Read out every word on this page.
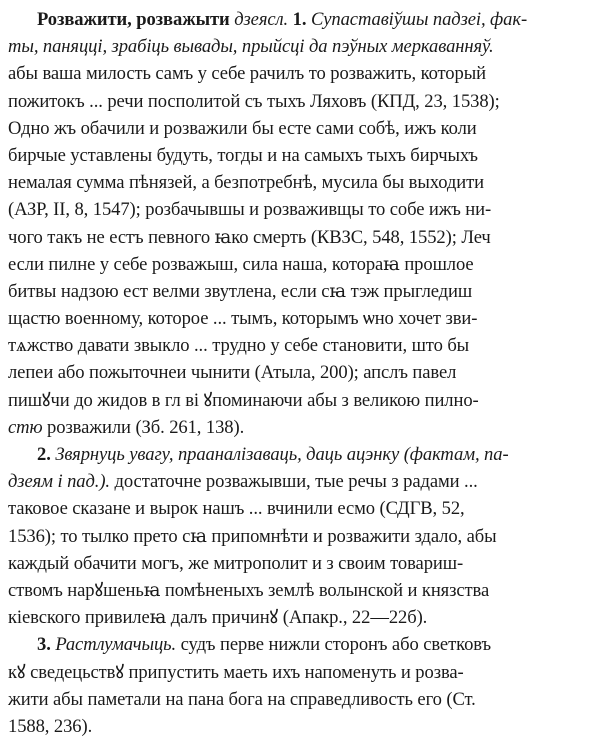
Розважити, розважыти дзеясл. 1. Супаставіўшы падзеі, фак-
ты, паняцці, зрабіць вывады, прыйсці да пэўных меркаванняў.
абы ваша милость самъ у себе рачилъ то розважить, который
пожитокъ ... речи посполитой съ тыхъ Ляховъ (КПД, 23, 1538);
Одно жъ обачили и розважили бы есте сами собѣ, ижъ коли
бирчые уставлены будуть, тогды и на самыхъ тыхъ бирчыхъ
немалая сумма пѣнязей, а безпотребнѣ, мусила бы выходити
(АЗР, II, 8, 1547); розбачывшы и розваживщы то собе ижъ ни-
чого такъ не естъ певного ꙗко смерть (КВЗС, 548, 1552); Леч
если пилне у себе розважыш, сила наша, котораꙗ прошлое
битвы надзою ест велми звутлена, если сꙗ тэж прыгледиш
щастю военному, которое ... тымъ, которымъ ѡно хочет зви-
тѧжство давати звыкло ... трудно у себе становити, што бы
лепеи або пожыточнеи чынити (Атыла, 200); апслъ павел
пишꙋчи до жидов в гл ві ꙋпоминаючи абы з великою пилно-
стю розважили (Зб. 261, 138).
2. Звярнуць увагу, прааналізаваць, даць ацэнку (фактам, па-
дзеям і пад.). достаточне розважывши, тые речы з радами ...
таковое сказане и вырок нашъ ... вчинили есмо (СДГВ, 52,
1536); то тылко прето сꙗ припомнѣти и розважити здало, абы
каждый обачити могъ, же митрополит и з своим товариш-
ствомъ нарꙋшеньꙗ помѣненыхъ землѣ волынской и князства
кіевского привилеꙗ далъ причинꙋ (Апакр., 22—22б).
3. Растлумачыць. судъ перве нижли сторонъ або светковъ
кꙋ сведецьствꙋ припустить маеть ихъ напоменуть и розва-
жити абы паметали на пана бога на справедливость его (Ст.
1588, 236).
